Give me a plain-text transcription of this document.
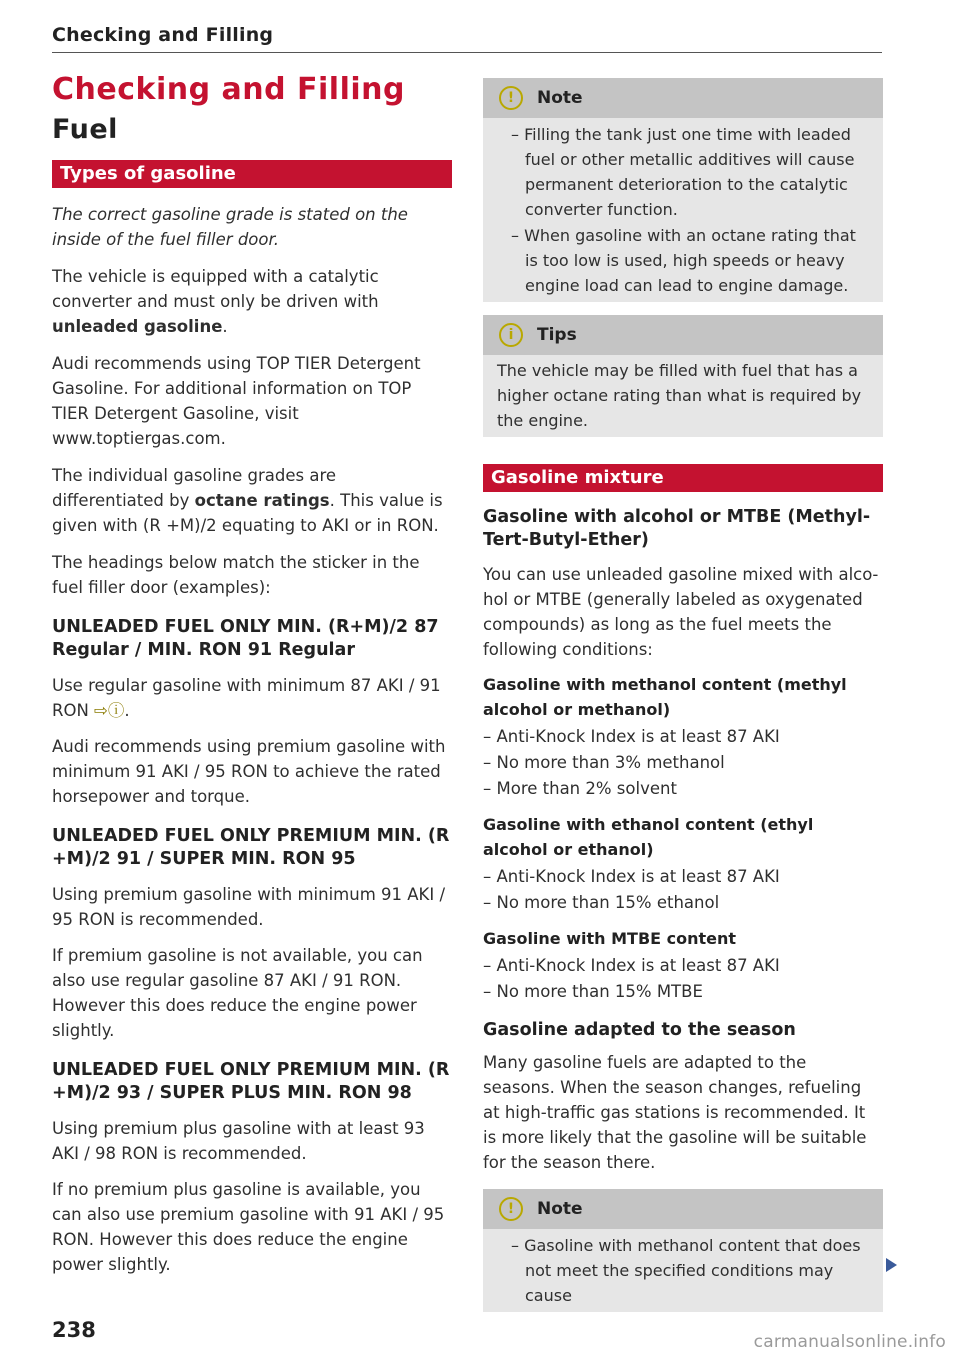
Checking and Filling
Checking and Filling
Fuel
Types of gasoline

The correct gasoline grade is stated on the inside of the fuel filler door.

The vehicle is equipped with a catalytic converter and must only be driven with unleaded gasoline.

Audi recommends using TOP TIER Detergent Gasoline. For additional information on TOP TIER Detergent Gasoline, visit www.toptiergas.com.

The individual gasoline grades are differentiated by octane ratings. This value is given with (R +M)/2 equating to AKI or in RON.

The headings below match the sticker in the fuel filler door (examples):

UNLEADED FUEL ONLY MIN. (R+M)/2 87 Regular / MIN. RON 91 Regular

Use regular gasoline with minimum 87 AKI / 91 RON ⇨ⓘ.

Audi recommends using premium gasoline with minimum 91 AKI / 95 RON to achieve the rated horsepower and torque.

UNLEADED FUEL ONLY PREMIUM MIN. (R +M)/2 91 / SUPER MIN. RON 95

Using premium gasoline with minimum 91 AKI / 95 RON is recommended.

If premium gasoline is not available, you can also use regular gasoline 87 AKI / 91 RON. However this does reduce the engine power slightly.

UNLEADED FUEL ONLY PREMIUM MIN. (R +M)/2 93 / SUPER PLUS MIN. RON 98

Using premium plus gasoline with at least 93 AKI / 98 RON is recommended.

If no premium plus gasoline is available, you can also use premium gasoline with 91 AKI / 95 RON. However this does reduce the engine power slightly.

!	Note

– Filling the tank just one time with leaded fuel or other metallic additives will cause permanent deterioration to the catalytic converter function.

– When gasoline with an octane rating that is too low is used, high speeds or heavy engine load can lead to engine damage.

i	Tips

The vehicle may be filled with fuel that has a higher octane rating than what is required by the engine.

Gasoline mixture
Gasoline with alcohol or MTBE (Methyl-Tert-Butyl-Ether)

You can use unleaded gasoline mixed with alcohol or MTBE (generally labeled as oxygenated compounds) as long as the fuel meets the following conditions:

Gasoline with methanol content (methyl alcohol or methanol)

– Anti-Knock Index is at least 87 AKI

– No more than 3% methanol

– More than 2% solvent

Gasoline with ethanol content (ethyl alcohol or ethanol)

– Anti-Knock Index is at least 87 AKI

– No more than 15% ethanol

Gasoline with MTBE content

– Anti-Knock Index is at least 87 AKI

– No more than 15% MTBE

Gasoline adapted to the season

Many gasoline fuels are adapted to the seasons. When the season changes, refueling at high-traffic gas stations is recommended. It is more likely that the gasoline will be suitable for the season there.

!	Note

– Gasoline with methanol content that does not meet the specified conditions may cause

238	carmanualsonline.info
